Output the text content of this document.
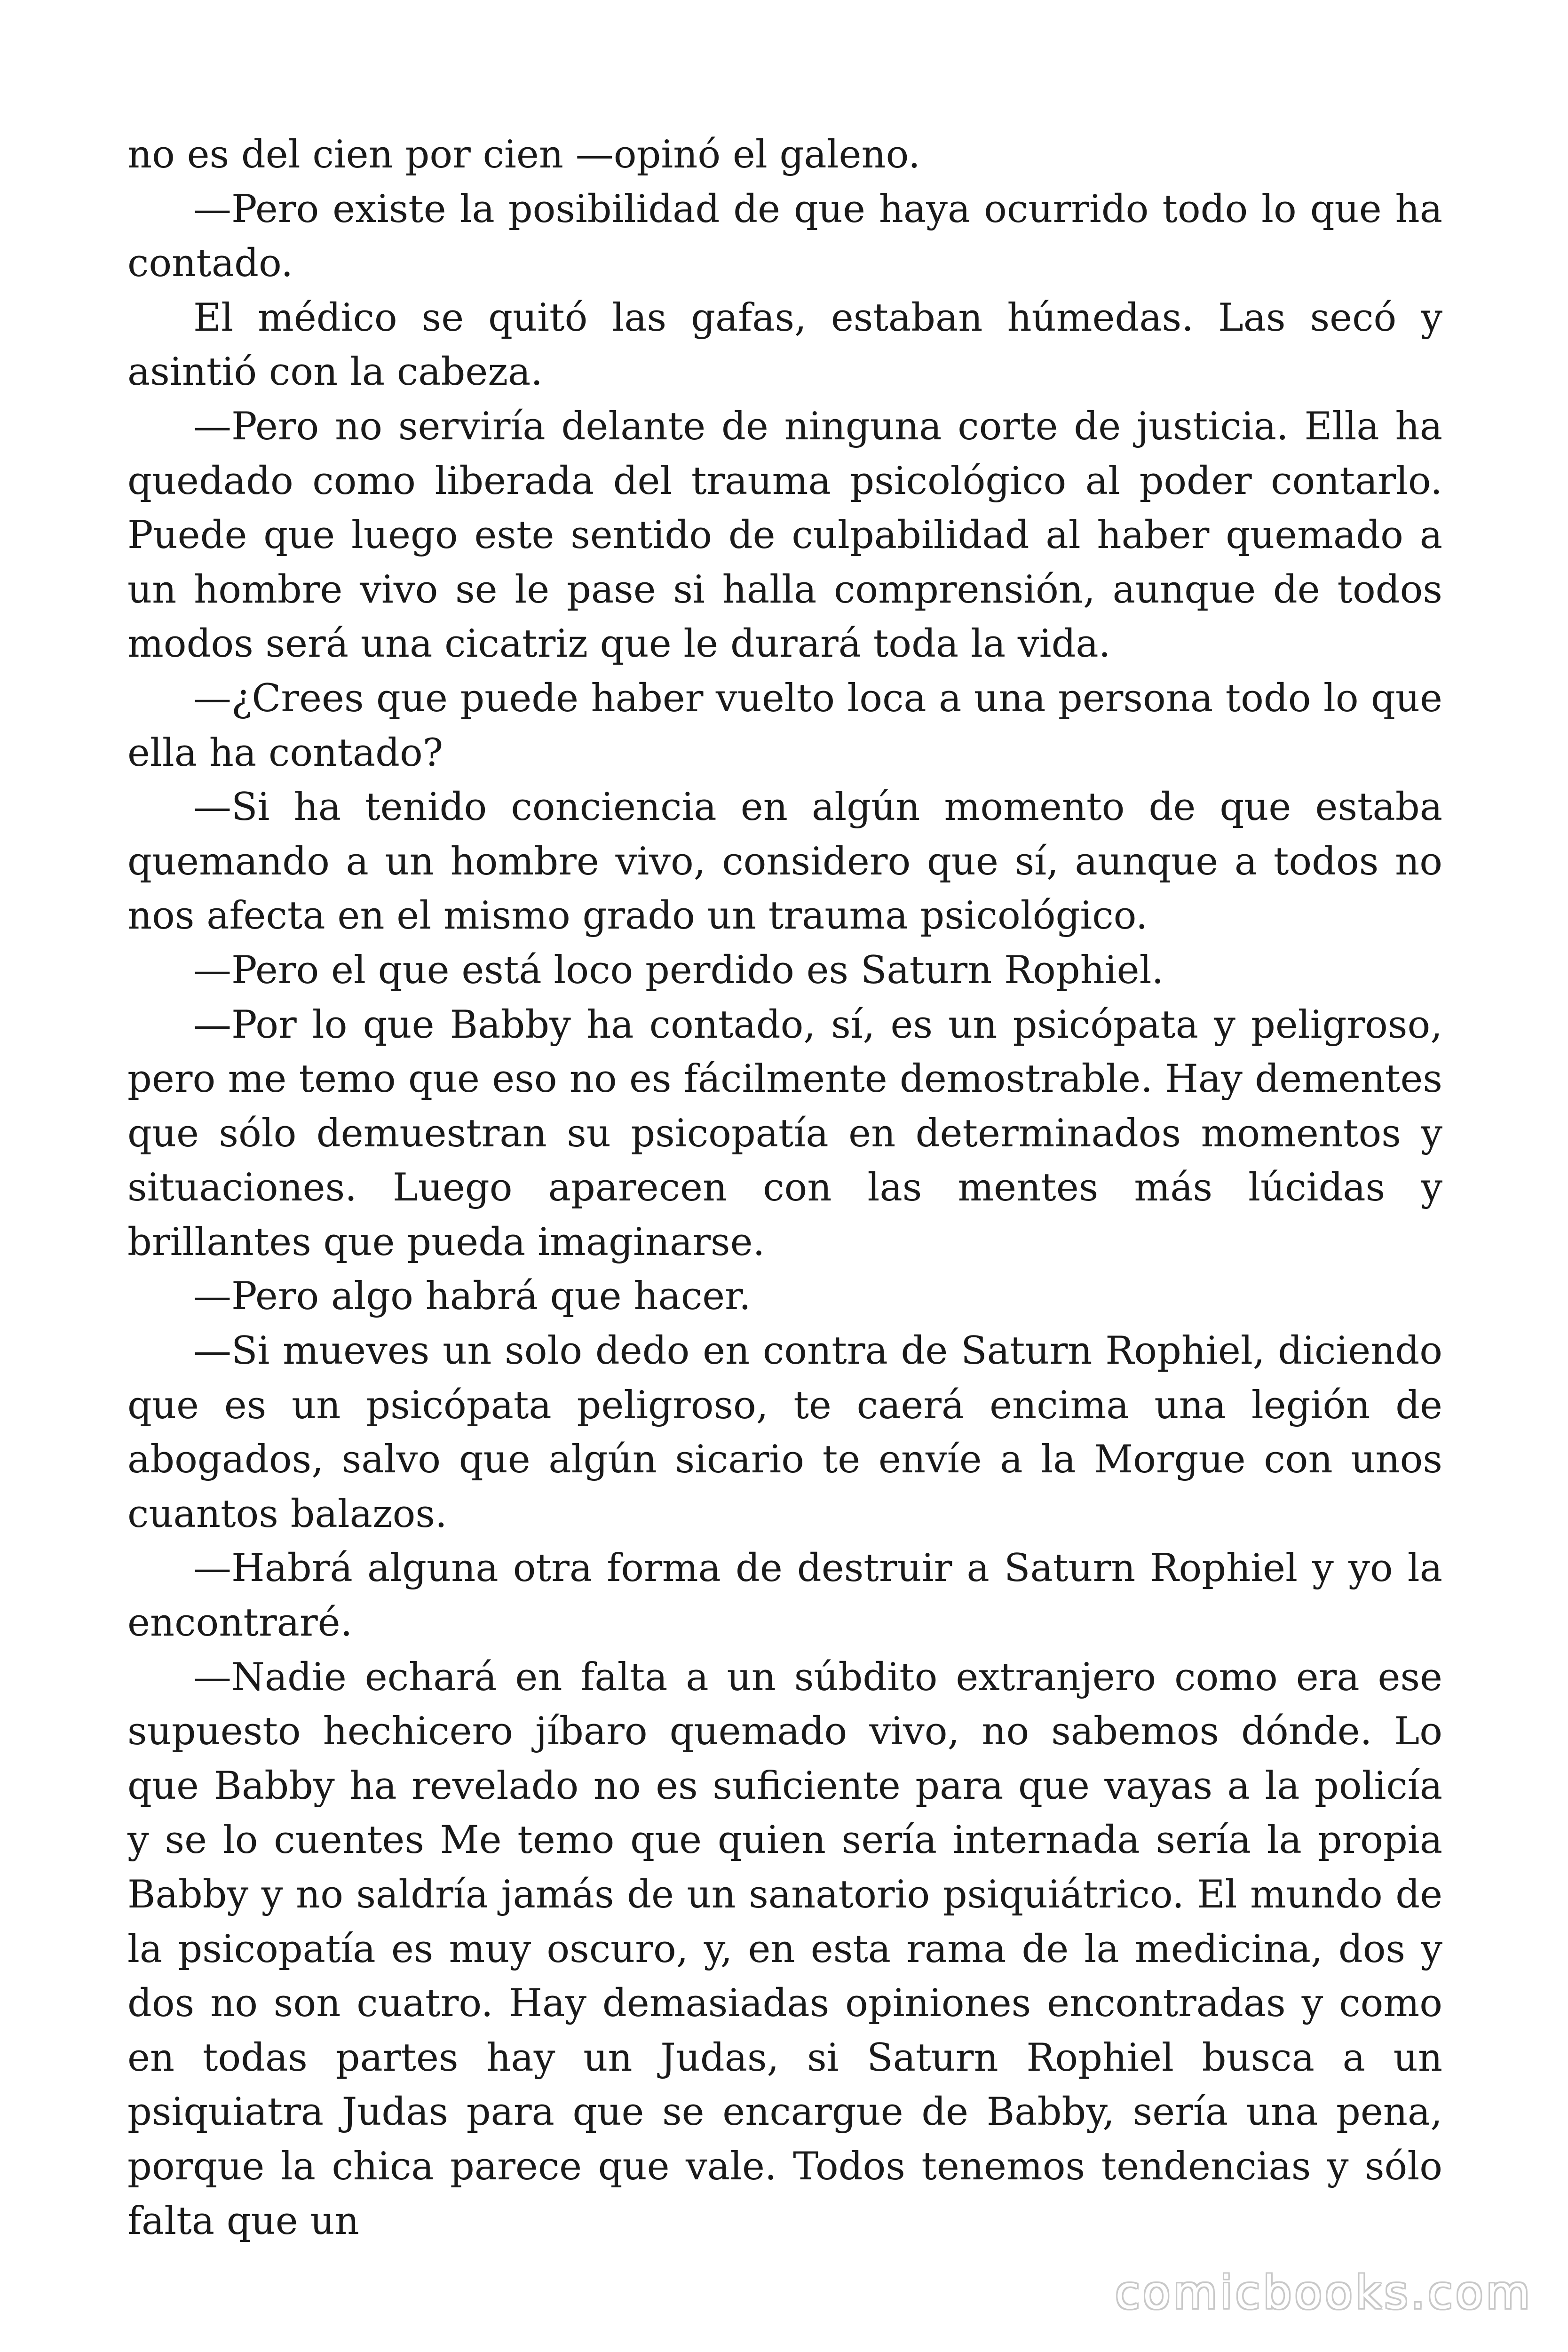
no es del cien por cien —opinó el galeno.

—Pero existe la posibilidad de que haya ocurrido todo lo que ha contado.

El médico se quitó las gafas, estaban húmedas. Las secó y asintió con la cabeza.

—Pero no serviría delante de ninguna corte de justicia. Ella ha quedado como liberada del trauma psicológico al poder contarlo. Puede que luego este sentido de culpabilidad al haber quemado a un hombre vivo se le pase si halla comprensión, aunque de todos modos será una cicatriz que le durará toda la vida.

—¿Crees que puede haber vuelto loca a una persona todo lo que ella ha contado?

—Si ha tenido conciencia en algún momento de que estaba quemando a un hombre vivo, considero que sí, aunque a todos no nos afecta en el mismo grado un trauma psicológico.

—Pero el que está loco perdido es Saturn Rophiel.

—Por lo que Babby ha contado, sí, es un psicópata y peligroso, pero me temo que eso no es fácilmente demostrable. Hay dementes que sólo demuestran su psicopatía en determinados momentos y situaciones. Luego aparecen con las mentes más lúcidas y brillantes que pueda imaginarse.

—Pero algo habrá que hacer.

—Si mueves un solo dedo en contra de Saturn Rophiel, diciendo que es un psicópata peligroso, te caerá encima una legión de abogados, salvo que algún sicario te envíe a la Morgue con unos cuantos balazos.

—Habrá alguna otra forma de destruir a Saturn Rophiel y yo la encontraré.

—Nadie echará en falta a un súbdito extranjero como era ese supuesto hechicero jíbaro quemado vivo, no sabemos dónde. Lo que Babby ha revelado no es suficiente para que vayas a la policía y se lo cuentes Me temo que quien sería internada sería la propia Babby y no saldría jamás de un sanatorio psiquiátrico. El mundo de la psicopatía es muy oscuro, y, en esta rama de la medicina, dos y dos no son cuatro. Hay demasiadas opiniones encontradas y como en todas partes hay un Judas, si Saturn Rophiel busca a un psiquiatra Judas para que se encargue de Babby, sería una pena, porque la chica parece que vale. Todos tenemos tendencias y sólo falta que un

comicbooks.com
